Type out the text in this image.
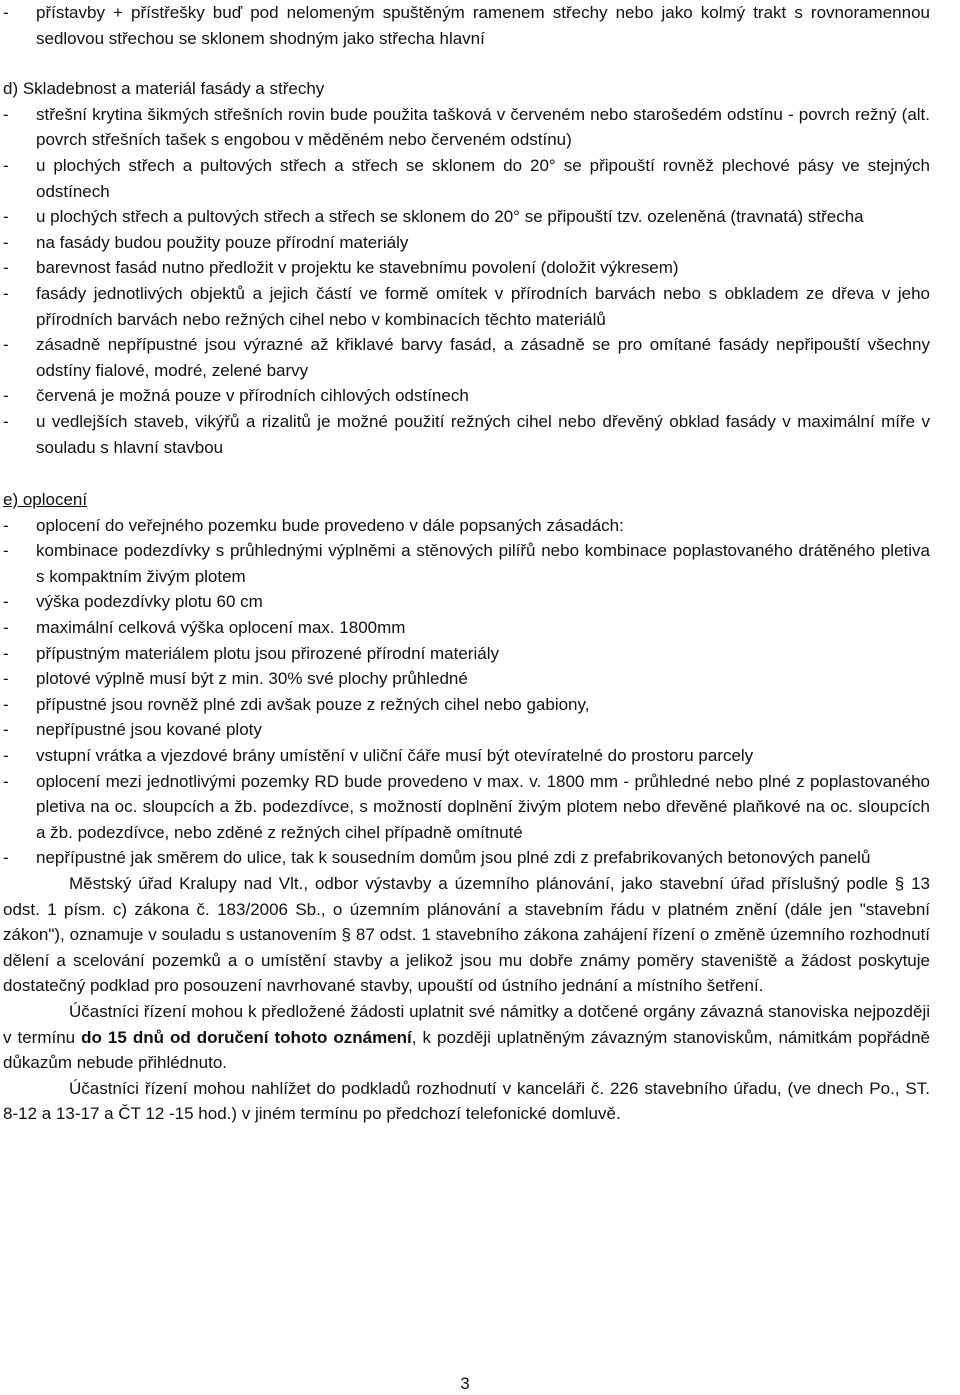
- přístavby + přístřešky buď pod nelomeným spuštěným ramenem střechy nebo jako kolmý trakt s rovnoramennou sedlovou střechou se sklonem shodným jako střecha hlavní
d) Skladebnost a materiál fasády a střechy
- střešní krytina šikmých střešních rovin bude použita tašková v červeném nebo starošedém odstínu - povrch režný (alt. povrch střešních tašek s engobou v měděném nebo červeném odstínu)
- u plochých střech a pultových střech a střech se sklonem do 20° se připouští rovněž plechové pásy ve stejných odstínech
- u plochých střech a pultových střech a střech se sklonem do 20° se připouští tzv. ozeleněná (travnatá) střecha
- na fasády budou použity pouze přírodní materiály
- barevnost fasád nutno předložit v projektu ke stavebnímu povolení (doložit výkresem)
- fasády jednotlivých objektů a jejich částí ve formě omítek v přírodních barvách nebo s obkladem ze dřeva v jeho přírodních barvách nebo režných cihel nebo v kombinacích těchto materiálů
- zásadně nepřípustné jsou výrazné až křiklavé barvy fasád, a zásadně se pro omítané fasády nepřipouští všechny odstíny fialové, modré, zelené barvy
- červená je možná pouze v přírodních cihlových odstínech
- u vedlejších staveb, vikýřů a rizalitů je možné použití režných cihel nebo dřevěný obklad fasády v maximální míře v souladu s hlavní stavbou
e) oplocení
- oplocení do veřejného pozemku bude provedeno v dále popsaných zásadách:
- kombinace podezdívky s průhlednými výplněmi a stěnových pilířů nebo kombinace poplastovaného drátěného pletiva s kompaktním živým plotem
- výška podezdívky plotu 60 cm
- maximální celková výška oplocení max. 1800mm
- přípustným materiálem plotu jsou přirozené přírodní materiály
- plotové výplně musí být z min. 30% své plochy průhledné
- přípustné jsou rovněž plné zdi avšak pouze z režných cihel nebo gabiony,
- nepřípustné jsou kované ploty
- vstupní vrátka a vjezdové brány umístění v uliční čáře musí být otevíratelné do prostoru parcely
- oplocení mezi jednotlivými pozemky RD bude provedeno v max. v. 1800 mm - průhledné nebo plné z poplastovaného pletiva na oc. sloupcích a žb. podezdívce, s možností doplnění živým plotem nebo dřevěné plaňkové na oc. sloupcích a žb. podezdívce, nebo zděné z režných cihel případně omítnuté
- nepřípustné jak směrem do ulice, tak k sousedním domům jsou plné zdi z prefabrikovaných betonových panelů

Městský úřad Kralupy nad Vlt., odbor výstavby a územního plánování, jako stavební úřad příslušný podle § 13 odst. 1 písm. c) zákona č. 183/2006 Sb., o územním plánování a stavebním řádu v platném znění (dále jen "stavební zákon"), oznamuje v souladu s ustanovením § 87 odst. 1 stavebního zákona zahájení řízení o změně územního rozhodnutí dělení a scelování pozemků a o umístění stavby a jelikož jsou mu dobře známy poměry staveniště a žádost poskytuje dostatečný podklad pro posouzení navrhované stavby, upouští od ústního jednání a místního šetření.

Účastníci řízení mohou k předložené žádosti uplatnit své námitky a dotčené orgány závazná stanoviska nejpozději v termínu do 15 dnů od doručení tohoto oznámení, k později uplatněným závazným stanoviskům, námitkám popřádně důkazům nebude přihlédnuto.

Účastníci řízení mohou nahlížet do podkladů rozhodnutí v kanceláři č. 226 stavebního úřadu, (ve dnech Po., ST. 8-12 a 13-17 a ČT 12 -15 hod.) v jiném termínu po předchozí telefonické domluvě.

3
